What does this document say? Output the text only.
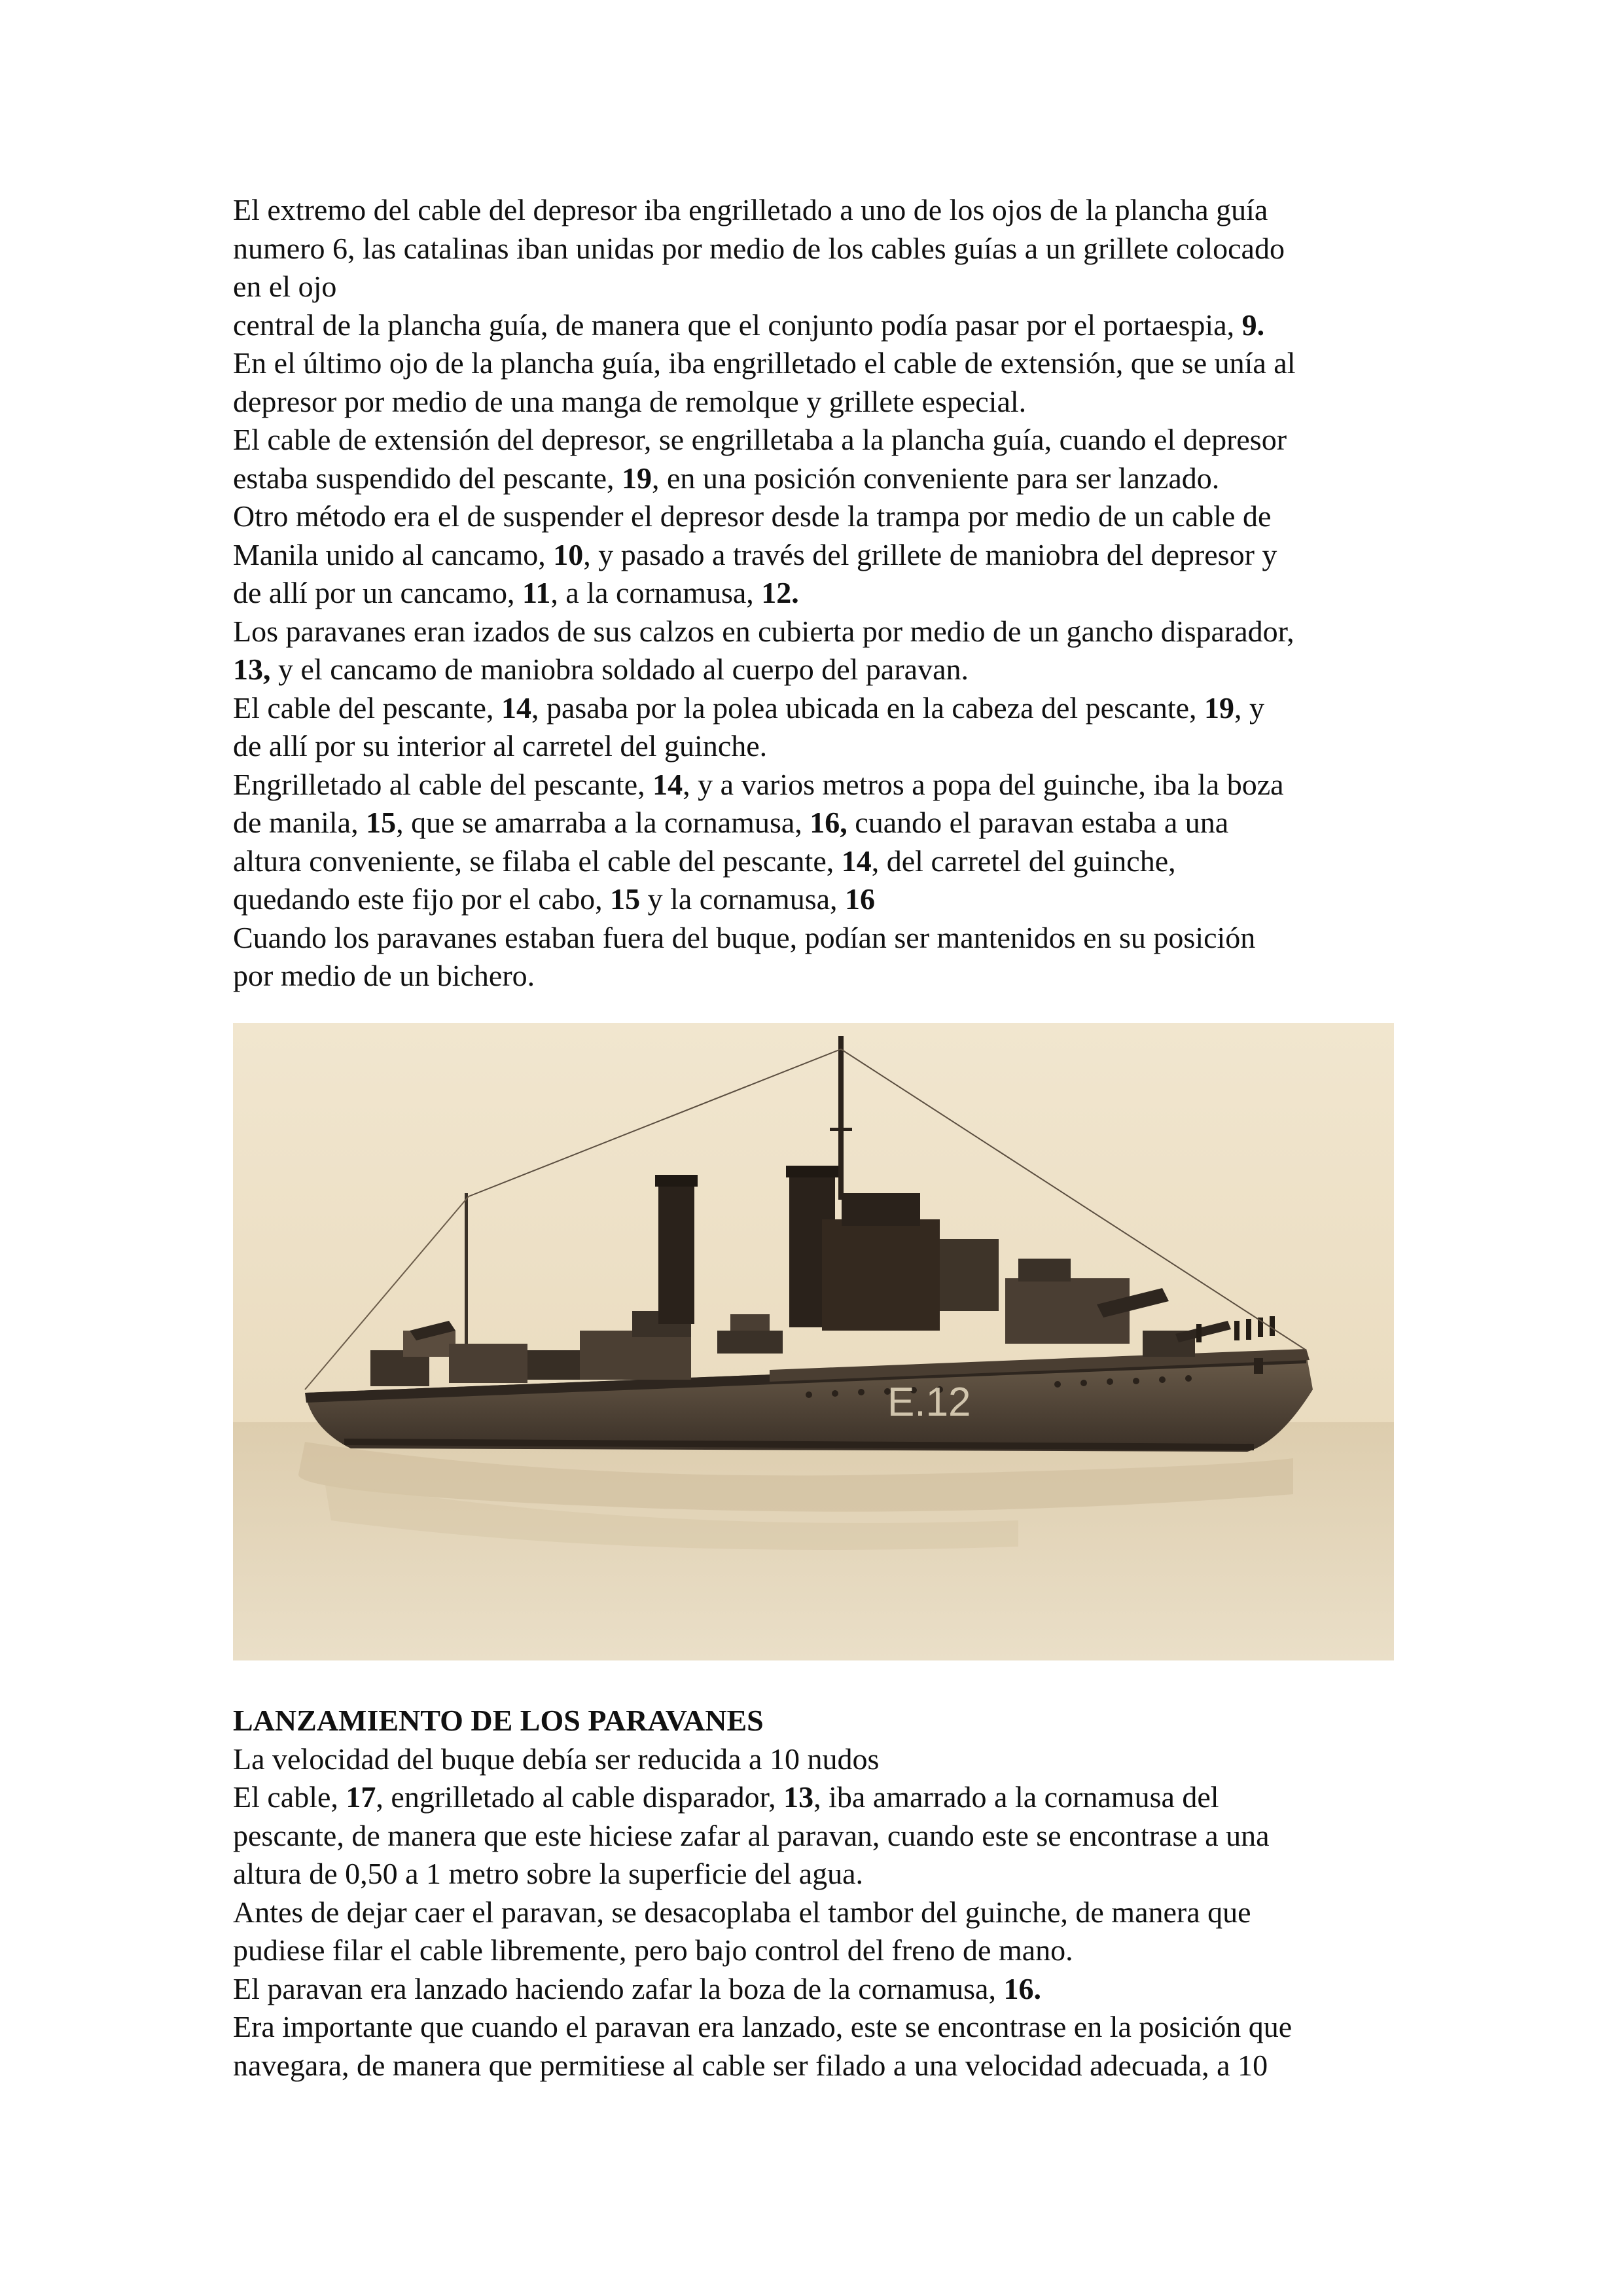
El extremo del cable del depresor iba engrilletado a uno de los ojos de la plancha guía
numero 6, las catalinas iban unidas por medio de los cables guías a un grillete colocado
en el ojo
central de la plancha guía, de manera que el conjunto podía pasar por el portaespia, 9.
En el último ojo de la plancha guía, iba engrilletado el cable de extensión, que se unía al
depresor por medio de una manga de remolque y grillete especial.
El cable de extensión del depresor, se engrilletaba a la plancha guía, cuando el depresor
estaba suspendido del pescante, 19, en una posición conveniente para ser lanzado.
Otro método era el de suspender el depresor desde la trampa por medio de un cable de
Manila unido al cancamo, 10, y pasado a través del grillete de maniobra del depresor y
de allí por un cancamo, 11, a la cornamusa, 12.
Los paravanes eran izados de sus calzos en cubierta por medio de un gancho disparador,
13, y el cancamo de maniobra soldado al cuerpo del paravan.
El cable del pescante, 14, pasaba por la polea ubicada en la cabeza del pescante, 19, y
de allí por su interior al carretel del guinche.
Engrilletado al cable del pescante, 14, y a varios metros a popa del guinche, iba la boza
de manila, 15, que se amarraba a la cornamusa, 16, cuando el paravan estaba a una
altura conveniente, se filaba el cable del pescante, 14, del carretel del guinche,
quedando este fijo por el cabo, 15 y la cornamusa, 16
Cuando los paravanes estaban fuera del buque, podían ser mantenidos en su posición
por medio de un bichero.
E.12
LANZAMIENTO DE LOS PARAVANES
La velocidad del buque debía ser reducida a 10 nudos
El cable, 17, engrilletado al cable disparador, 13, iba amarrado a la cornamusa del
pescante, de manera que este hiciese zafar al paravan, cuando este se encontrase a una
altura de 0,50 a 1 metro sobre la superficie del agua.
Antes de dejar caer el paravan, se desacoplaba el tambor del guinche, de manera que
pudiese filar el cable libremente, pero bajo control del freno de mano.
El paravan era lanzado haciendo zafar la boza de la cornamusa, 16.
Era importante que cuando el paravan era lanzado, este se encontrase en la posición que
navegara, de manera que permitiese al cable ser filado a una velocidad adecuada, a 10
